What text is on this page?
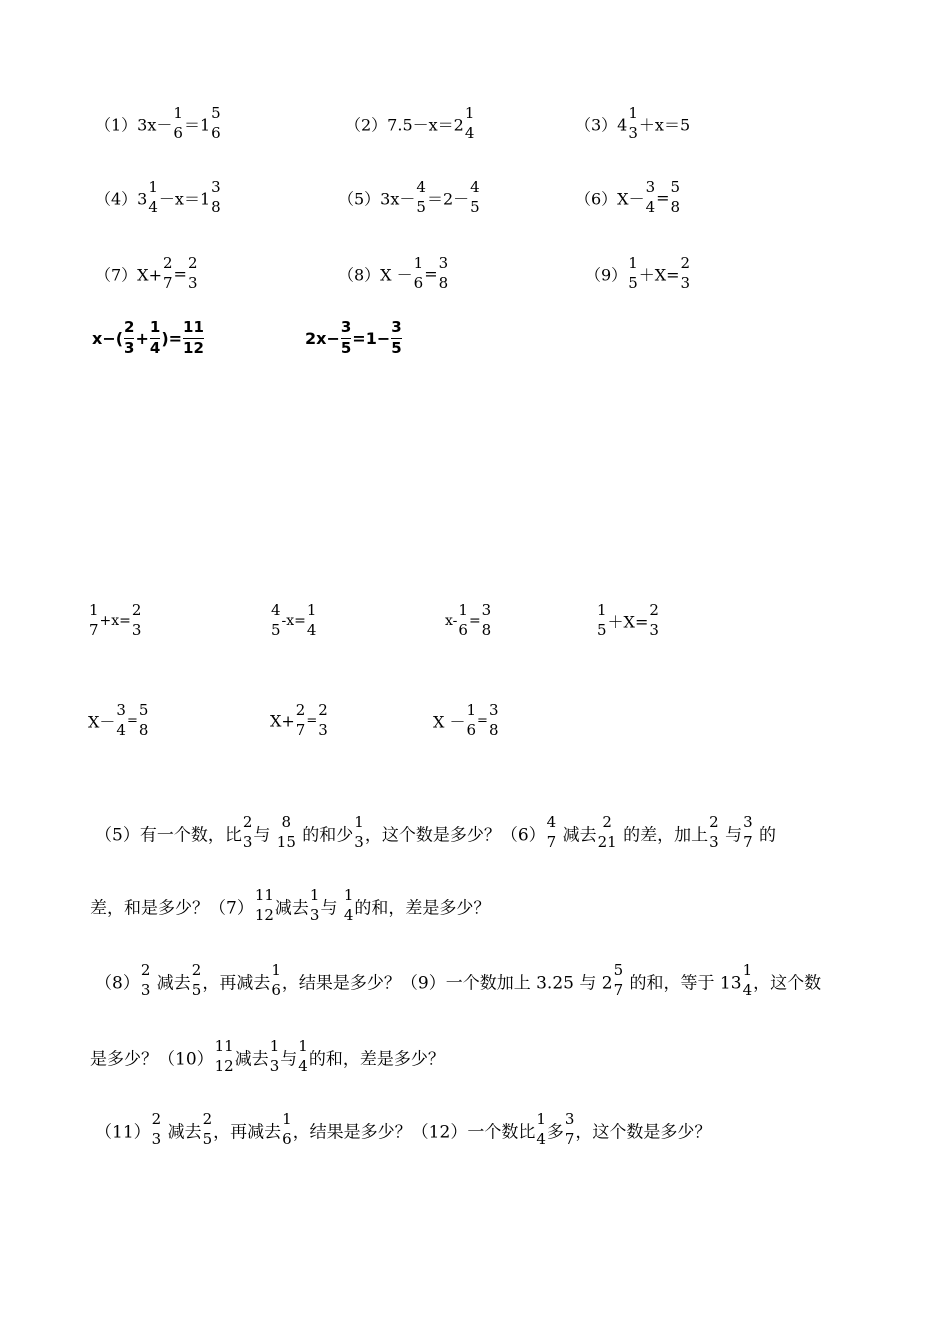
（1）3x－
1
6 ＝1
5
6	（2）7.5－x＝2
1
4	（3）4
1
3 ＋x＝5
（4）3
1
4 －x＝1
3
8	（5）3x－
4
5 ＝2－
4
5	（6）X－
3
4 =
5
8
（7）X+
2
7 =
2
3	（8）X －
1
6 =
3
8	（9）
1
5 ＋X=
2
3
$x-( \frac{2}{3} + \frac{1}{4}$ )= $\frac{11}{12}$	$2x- \frac{3}{5} =1- \frac{3}{5}$
1
7 +x=
2
3
4
5 -x=
1
4	x-
1
6 =
3
8
1
5 ＋X=
2
3
X－
3
4 =
5
8	X+
2
7 =
2
3	X －
1
6 =
3
8
（5）有一个数，比
2
3 与
8
15 的和少
1
3 ，这个数是多少？（6）
4
7 减去
2
21 的差，加上
2
3 与
3
7 的
差，和是多少？（7）
11
12 减去
1
3 与
1
4 的和，差是多少？
（8）
2
3 减去
2
5 ，再减去
1
6 ，结果是多少？（9）一个数加上 3.25 与 2
5
7 的和，等于 13
1
4 ，这个数
是多少？（10）
11
12 减去
1
3 与
1
4 的和，差是多少？
（11）
2
3 减去
2
5 ，再减去
1
6 ，结果是多少？（12）一个数比
1
4 多
3
7 ，这个数是多少？
